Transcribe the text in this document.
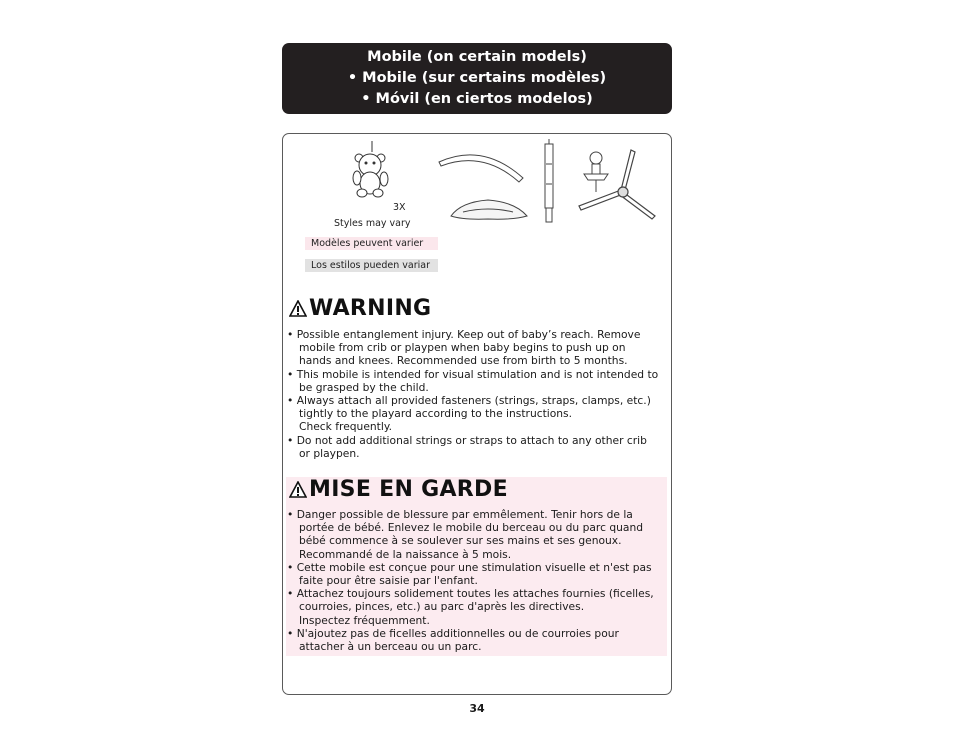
Mobile (on certain models)
• Mobile (sur certains modèles)
• Móvil (en ciertos modelos)
3X
Styles may vary
Modèles peuvent varier
Los estilos pueden variar
WARNING
• Possible entanglement injury. Keep out of baby’s reach. Remove mobile from crib or playpen when baby begins to push up on hands and knees. Recommended use from birth to 5 months.
• This mobile is intended for visual stimulation and is not intended to be grasped by the child.
• Always attach all provided fasteners (strings, straps, clamps, etc.) tightly to the playard according to the instructions.
Check frequently.
• Do not add additional strings or straps to attach to any other crib or playpen.
MISE EN GARDE
• Danger possible de blessure par emmêlement. Tenir hors de la portée de bébé. Enlevez le mobile du berceau ou du parc quand bébé commence à se soulever sur ses mains et ses genoux. Recommandé de la naissance à 5 mois.
• Cette mobile est conçue pour une stimulation visuelle et n'est pas faite pour être saisie par l'enfant.
• Attachez toujours solidement toutes les attaches fournies (ficelles, courroies, pinces, etc.) au parc d'après les directives.
Inspectez fréquemment.
• N'ajoutez pas de ficelles additionnelles ou de courroies pour attacher à un berceau ou un parc.
34
